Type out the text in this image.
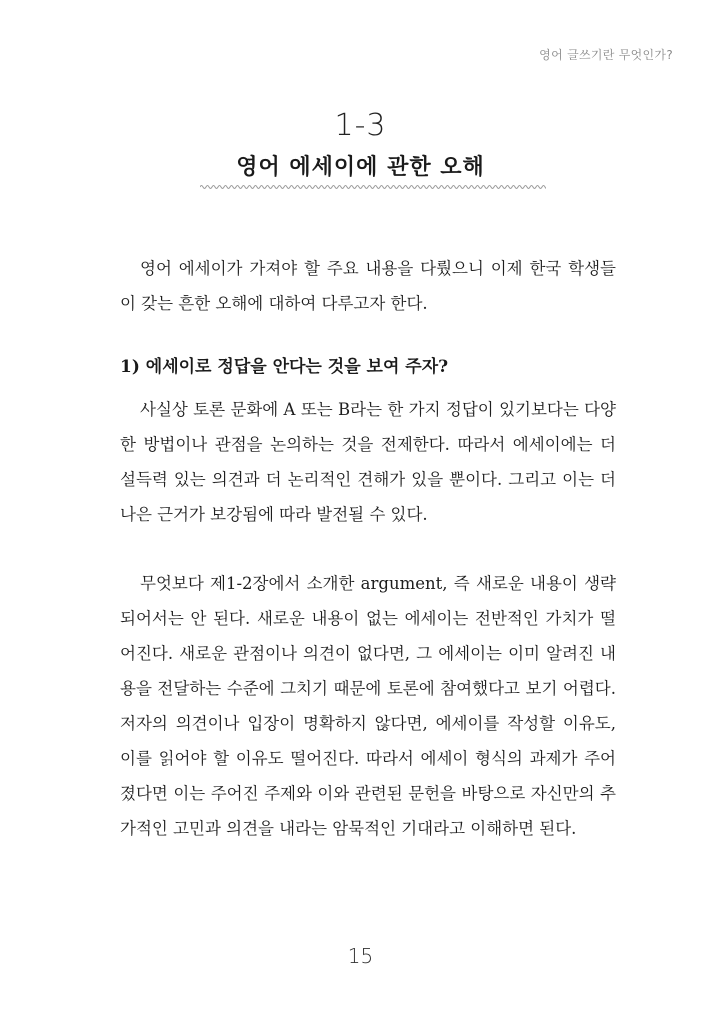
영어 글쓰기란 무엇인가?
1-3
영어 에세이에 관한 오해

영어 에세이가 가져야 할 주요 내용을 다뤘으니 이제 한국 학생들이 갖는 흔한 오해에 대하여 다루고자 한다.

1) 에세이로 정답을 안다는 것을 보여 주자?

사실상 토론 문화에 A 또는 B라는 한 가지 정답이 있기보다는 다양한 방법이나 관점을 논의하는 것을 전제한다. 따라서 에세이에는 더 설득력 있는 의견과 더 논리적인 견해가 있을 뿐이다. 그리고 이는 더 나은 근거가 보강됨에 따라 발전될 수 있다.

무엇보다 제1-2장에서 소개한 argument, 즉 새로운 내용이 생략되어서는 안 된다. 새로운 내용이 없는 에세이는 전반적인 가치가 떨어진다. 새로운 관점이나 의견이 없다면, 그 에세이는 이미 알려진 내용을 전달하는 수준에 그치기 때문에 토론에 참여했다고 보기 어렵다. 저자의 의견이나 입장이 명확하지 않다면, 에세이를 작성할 이유도, 이를 읽어야 할 이유도 떨어진다. 따라서 에세이 형식의 과제가 주어졌다면 이는 주어진 주제와 이와 관련된 문헌을 바탕으로 자신만의 추가적인 고민과 의견을 내라는 암묵적인 기대라고 이해하면 된다.

15
